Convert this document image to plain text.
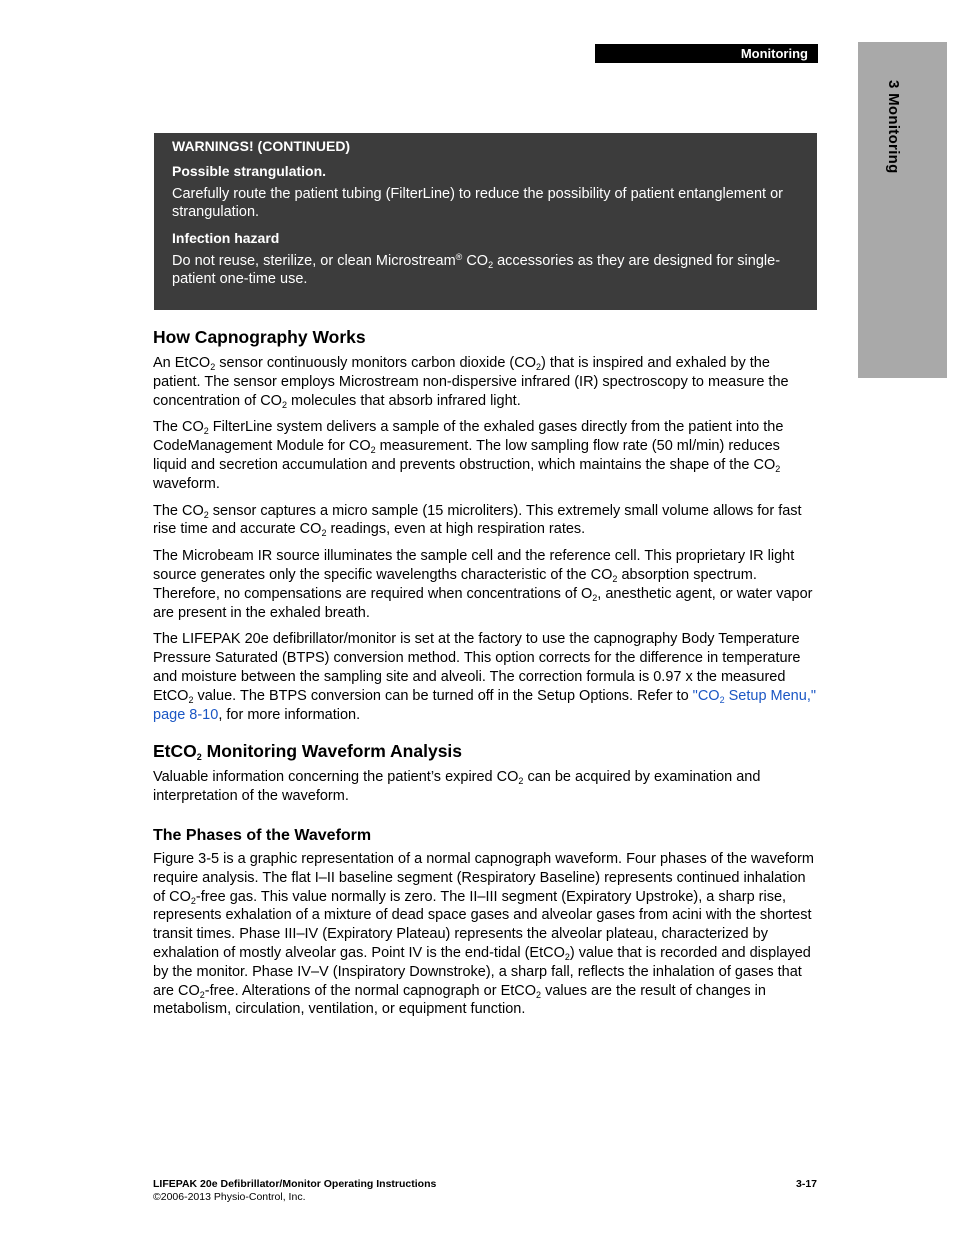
Monitoring
3 Monitoring
WARNINGS! (CONTINUED)
Possible strangulation.
Carefully route the patient tubing (FilterLine) to reduce the possibility of patient entanglement or strangulation.
Infection hazard
Do not reuse, sterilize, or clean Microstream® $CO_2$ accessories as they are designed for single-patient one-time use.
How Capnography Works

An EtCO$_2$ sensor continuously monitors carbon dioxide $(CO_2)$ that is inspired and exhaled by the patient. The sensor employs Microstream non-dispersive infrared (IR) spectroscopy to measure the concentration of $CO_2$ molecules that absorb infrared light.

The $CO_2$ FilterLine system delivers a sample of the exhaled gases directly from the patient into the CodeManagement Module for $CO_2$ measurement. The low sampling flow rate (50 ml/min) reduces liquid and secretion accumulation and prevents obstruction, which maintains the shape of the $CO_2$ waveform.

The $CO_2$ sensor captures a micro sample (15 microliters). This extremely small volume allows for fast rise time and accurate $CO_2$ readings, even at high respiration rates.

The Microbeam IR source illuminates the sample cell and the reference cell. This proprietary IR light source generates only the specific wavelengths characteristic of the $CO_2$ absorption spectrum. Therefore, no compensations are required when concentrations of $O_2$, anesthetic agent, or water vapor are present in the exhaled breath.

The LIFEPAK 20e defibrillator/monitor is set at the factory to use the capnography Body Temperature Pressure Saturated (BTPS) conversion method. This option corrects for the difference in temperature and moisture between the sampling site and alveoli. The correction formula is 0.97 x the measured EtCO$_2$ value. The BTPS conversion can be turned off in the Setup Options. Refer to "$CO_2$ Setup Menu," page 8-10, for more information.

EtCO$_2$ Monitoring Waveform Analysis

Valuable information concerning the patient’s expired $CO_2$ can be acquired by examination and interpretation of the waveform.

The Phases of the Waveform

Figure 3-5 is a graphic representation of a normal capnograph waveform. Four phases of the waveform require analysis. The flat I–II baseline segment (Respiratory Baseline) represents continued inhalation of $CO_2$-free gas. This value normally is zero. The II–III segment (Expiratory Upstroke), a sharp rise, represents exhalation of a mixture of dead space gases and alveolar gases from acini with the shortest transit times. Phase III–IV (Expiratory Plateau) represents the alveolar plateau, characterized by exhalation of mostly alveolar gas. Point IV is the end-tidal (EtCO$_2$) value that is recorded and displayed by the monitor. Phase IV–V (Inspiratory Downstroke), a sharp fall, reflects the inhalation of gases that are $CO_2$-free. Alterations of the normal capnograph or EtCO$_2$ values are the result of changes in metabolism, circulation, ventilation, or equipment function.

LIFEPAK 20e Defibrillator/Monitor Operating Instructions
©2006-2013 Physio-Control, Inc.
3-17
